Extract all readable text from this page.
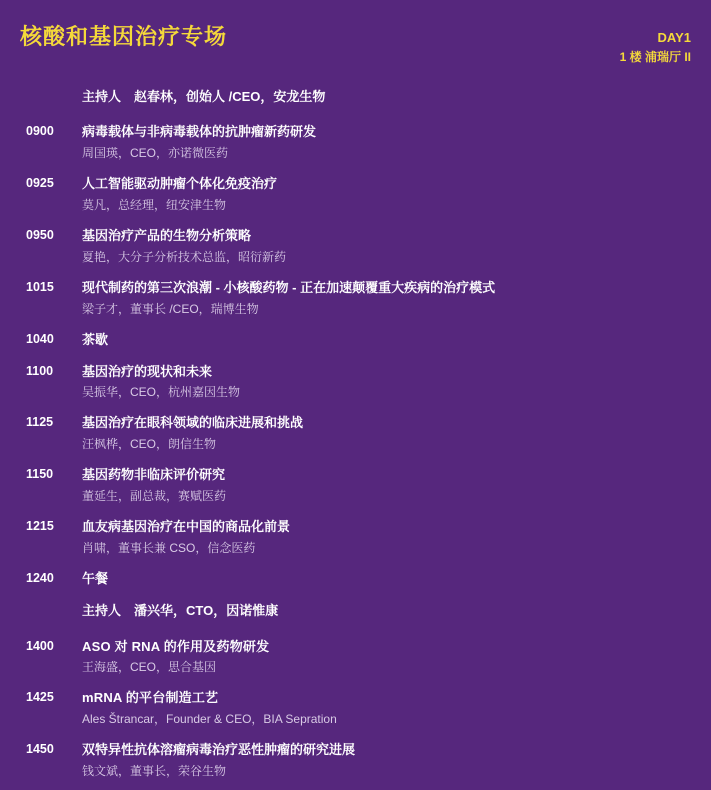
核酸和基因治疗专场	DAY1
1 楼 浦瑞厅 II
主持人　赵春林，创始人 /CEO，安龙生物
0900	病毒载体与非病毒载体的抗肿瘤新药研发
周国瑛，CEO，亦诺微医药
0925	人工智能驱动肿瘤个体化免疫治疗
莫凡，总经理，纽安津生物
0950	基因治疗产品的生物分析策略
夏艳，大分子分析技术总监，昭衍新药
1015	现代制药的第三次浪潮 - 小核酸药物 - 正在加速颠覆重大疾病的治疗模式
梁子才，董事长 /CEO，瑞博生物
1040	茶歇
1100	基因治疗的现状和未来
吴振华，CEO，杭州嘉因生物
1125	基因治疗在眼科领域的临床进展和挑战
汪枫桦，CEO，朗信生物
1150	基因药物非临床评价研究
董延生，副总裁，赛赋医药
1215	血友病基因治疗在中国的商品化前景
肖啸，董事长兼 CSO，信念医药
1240	午餐
主持人　潘兴华，CTO，因诺惟康
1400	ASO 对 RNA 的作用及药物研发
王海盛，CEO，思合基因
1425	mRNA 的平台制造工艺
Ales Štrancar，Founder & CEO，BIA Sepration
1450	双特异性抗体溶瘤病毒治疗恶性肿瘤的研究进展
钱文斌，董事长，荣谷生物
